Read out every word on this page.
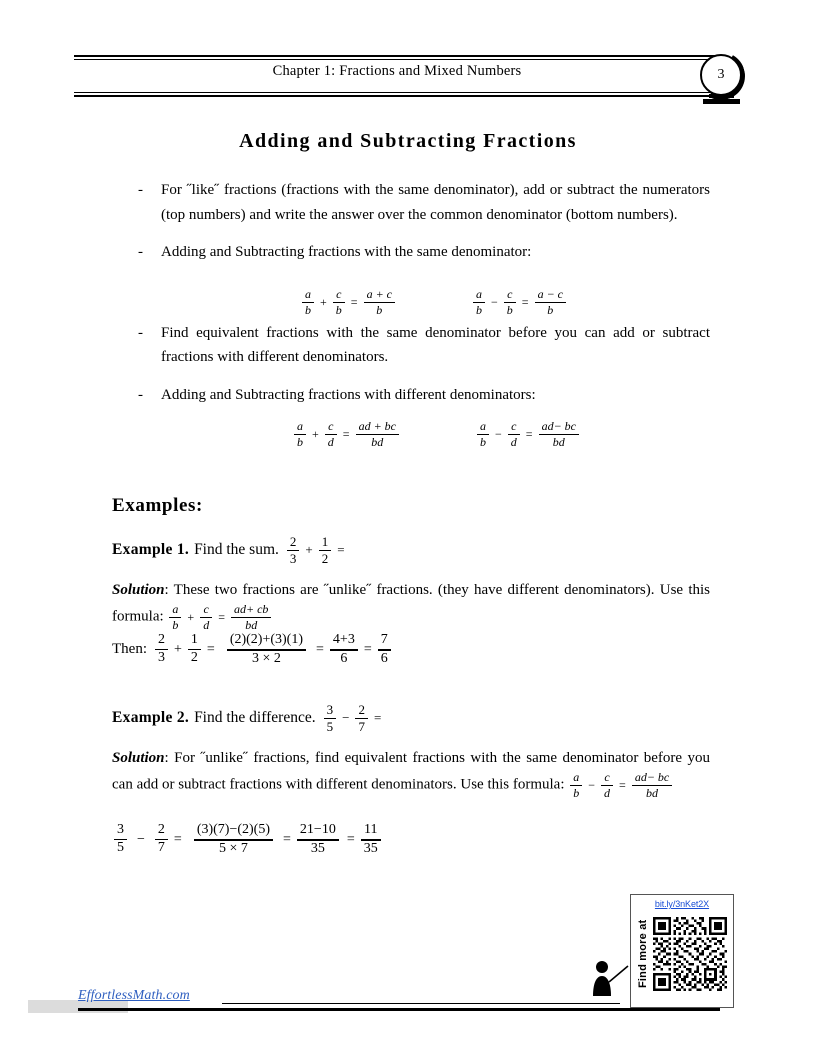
Chapter 1: Fractions and Mixed Numbers	3
Adding and Subtracting Fractions
-	For ˝like˝ fractions (fractions with the same denominator), add or subtract the numerators (top numbers) and write the answer over the common denominator (bottom numbers).
-	Adding and Subtracting fractions with the same denominator:
-	Find equivalent fractions with the same denominator before you can add or subtract fractions with different denominators.
-	Adding and Subtracting fractions with different denominators:
$\frac{a}{b} + \frac{c}{b} = \frac{a + c}{b}$	$\frac{a}{b} - \frac{c}{b} = \frac{a - c}{b}$
$\frac{a}{b} + \frac{c}{d} = \frac{ad + bc}{bd}$	$\frac{a}{b} - \frac{c}{d} = \frac{ad- bc}{bd}$
Examples:
Example 1. Find the sum. $\frac{2}{3} + \frac{1}{2}$ =
Solution: These two fractions are ˝unlike˝ fractions. (they have different denominators). Use this formula: $\frac{a}{b} + \frac{c}{d} = \frac{ad+ cb}{bd}$
Then: $\frac{2}{3} + \frac{1}{2} = \frac{(2)(2)+(3)(1)}{3 \times 2} = \frac{4+3}{6} = \frac{7}{6}$
Example 2. Find the difference. $\frac{3}{5} - \frac{2}{7}$ =
Solution: For ˝unlike˝ fractions, find equivalent fractions with the same denominator before you can add or subtract fractions with different denominators. Use this formula: $\frac{a}{b} - \frac{c}{d} = \frac{ad- bc}{bd}$
$\frac{3}{5} - \frac{2}{7} = \frac{(3)(7)-(2)(5)}{5 \times 7} = \frac{21-10}{35} = \frac{11}{35}$
bit.ly/3nKet2X
Find more at
EffortlessMath.com
